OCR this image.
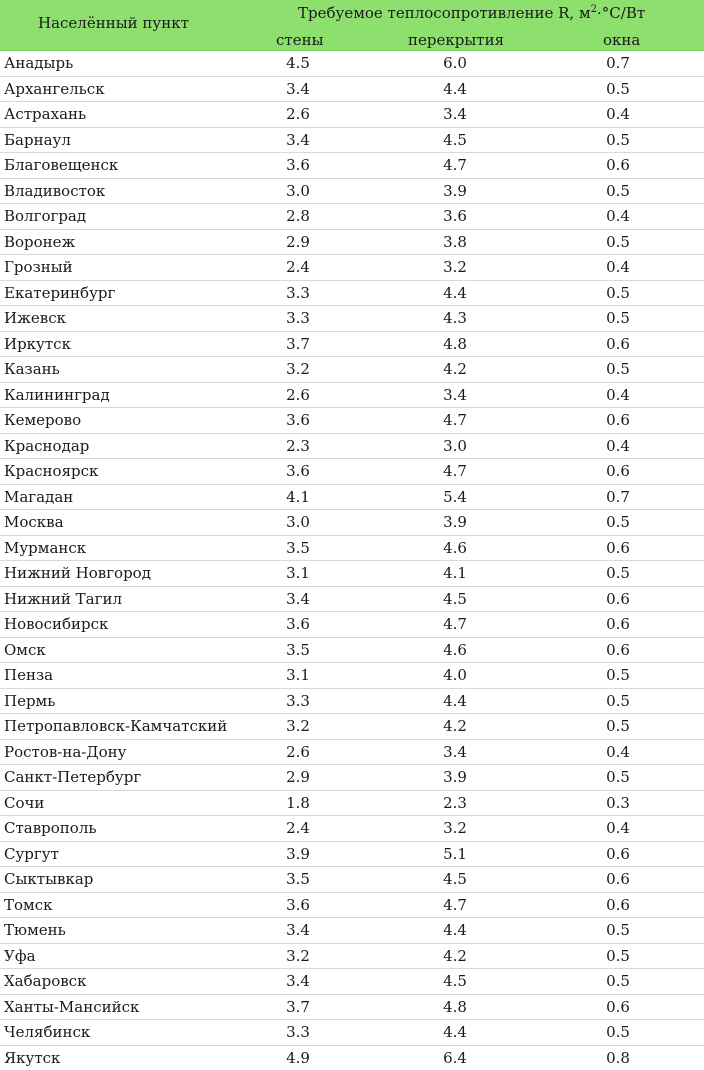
Населённый пункт
Требуемое теплосопротивление R, $м^2\cdot^\circ C/Вт$
стены	перекрытия	окна
Анадырь	4.5	6.0	0.7
Архангельск	3.4	4.4	0.5
Астрахань	2.6	3.4	0.4
Барнаул	3.4	4.5	0.5
Благовещенск	3.6	4.7	0.6
Владивосток	3.0	3.9	0.5
Волгоград	2.8	3.6	0.4
Воронеж	2.9	3.8	0.5
Грозный	2.4	3.2	0.4
Екатеринбург	3.3	4.4	0.5
Ижевск	3.3	4.3	0.5
Иркутск	3.7	4.8	0.6
Казань	3.2	4.2	0.5
Калининград	2.6	3.4	0.4
Кемерово	3.6	4.7	0.6
Краснодар	2.3	3.0	0.4
Красноярск	3.6	4.7	0.6
Магадан	4.1	5.4	0.7
Москва	3.0	3.9	0.5
Мурманск	3.5	4.6	0.6
Нижний Новгород	3.1	4.1	0.5
Нижний Тагил	3.4	4.5	0.6
Новосибирск	3.6	4.7	0.6
Омск	3.5	4.6	0.6
Пенза	3.1	4.0	0.5
Пермь	3.3	4.4	0.5
Петропавловск-Камчатский	3.2	4.2	0.5
Ростов-на-Дону	2.6	3.4	0.4
Санкт-Петербург	2.9	3.9	0.5
Сочи	1.8	2.3	0.3
Ставрополь	2.4	3.2	0.4
Сургут	3.9	5.1	0.6
Сыктывкар	3.5	4.5	0.6
Томск	3.6	4.7	0.6
Тюмень	3.4	4.4	0.5
Уфа	3.2	4.2	0.5
Хабаровск	3.4	4.5	0.5
Ханты-Мансийск	3.7	4.8	0.6
Челябинск	3.3	4.4	0.5
Якутск	4.9	6.4	0.8
